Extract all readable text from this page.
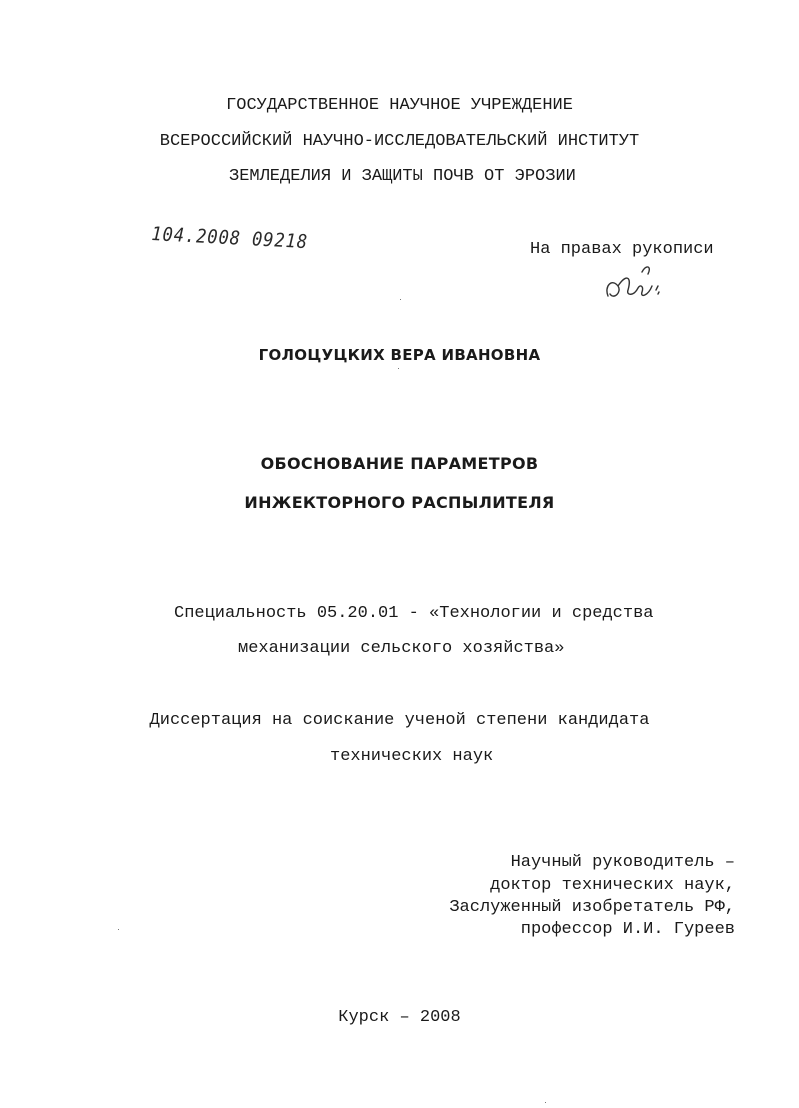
ГОСУДАРСТВЕННОЕ НАУЧНОЕ УЧРЕЖДЕНИЕ
ВСЕРОССИЙСКИЙ НАУЧНО-ИССЛЕДОВАТЕЛЬСКИЙ ИНСТИТУТ
ЗЕМЛЕДЕЛИЯ И ЗАЩИТЫ ПОЧВ ОТ ЭРОЗИИ
104.2008 09218	На правах рукописи
ГОЛОЦУЦКИХ ВЕРА ИВАНОВНА
ОБОСНОВАНИЕ ПАРАМЕТРОВ
ИНЖЕКТОРНОГО РАСПЫЛИТЕЛЯ
Специальность 05.20.01 - «Технологии и средства
механизации сельского хозяйства»
Диссертация на соискание ученой степени кандидата
технических наук
Научный руководитель –
доктор технических наук,
Заслуженный изобретатель РФ,
профессор И.И. Гуреев
Курск – 2008
